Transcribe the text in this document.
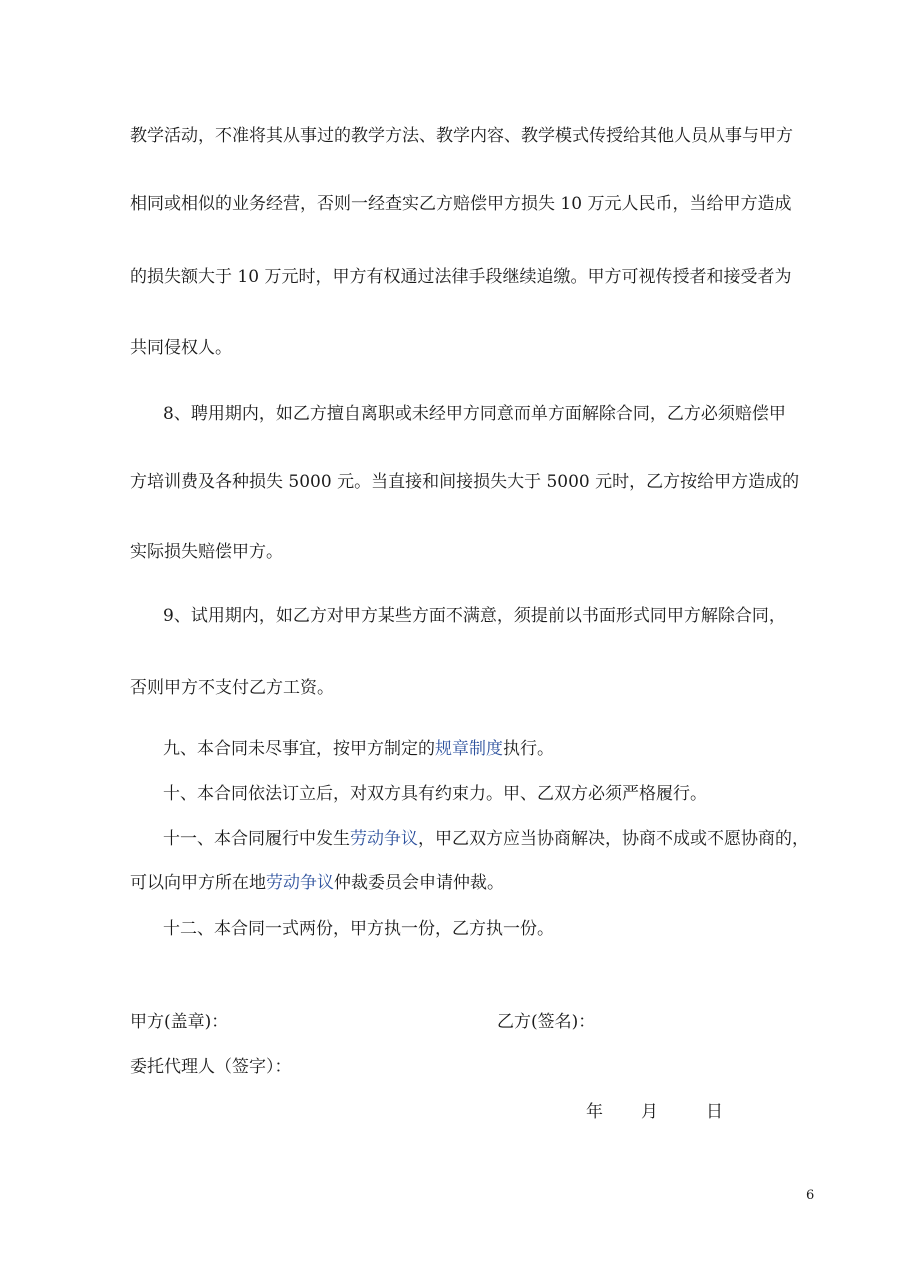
教学活动，不准将其从事过的教学方法、教学内容、教学模式传授给其他人员从事与甲方
相同或相似的业务经营，否则一经查实乙方赔偿甲方损失 10 万元人民币，当给甲方造成
的损失额大于 10 万元时，甲方有权通过法律手段继续追缴。甲方可视传授者和接受者为
共同侵权人。
8、聘用期内，如乙方擅自离职或未经甲方同意而单方面解除合同，乙方必须赔偿甲
方培训费及各种损失 5000 元。当直接和间接损失大于 5000 元时，乙方按给甲方造成的
实际损失赔偿甲方。
9、试用期内，如乙方对甲方某些方面不满意，须提前以书面形式同甲方解除合同，
否则甲方不支付乙方工资。
九、本合同未尽事宜，按甲方制定的规章制度执行。
十、本合同依法订立后，对双方具有约束力。甲、乙双方必须严格履行。
十一、本合同履行中发生劳动争议，甲乙双方应当协商解决，协商不成或不愿协商的，
可以向甲方所在地劳动争议仲裁委员会申请仲裁。
十二、本合同一式两份，甲方执一份，乙方执一份。
甲方(盖章)：	乙方(签名)：
委托代理人（签字）：
年 月	日
6
